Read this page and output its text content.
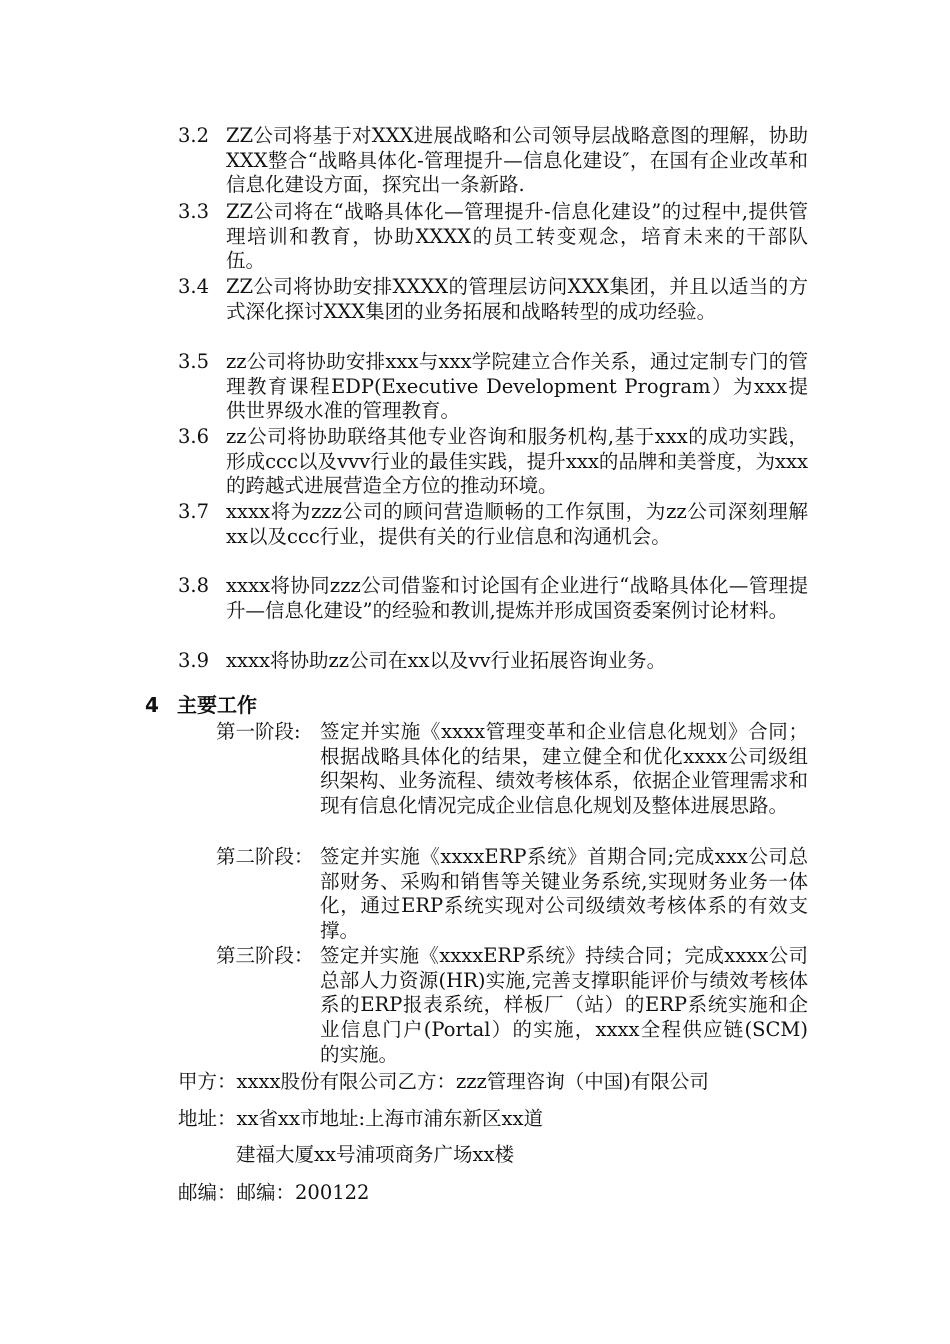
3.2 ZZ公司将基于对XXX进展战略和公司领导层战略意图的理解，协助XXX整合“战略具体化-管理提升—信息化建设″，在国有企业改革和信息化建设方面，探究出一条新路.
3.3 ZZ公司将在“战略具体化—管理提升-信息化建设”的过程中,提供管理培训和教育，协助XXXX的员工转变观念，培育未来的干部队伍。
3.4 ZZ公司将协助安排XXXX的管理层访问XXX集团，并且以适当的方式深化探讨XXX集团的业务拓展和战略转型的成功经验。
3.5 zz公司将协助安排xxx与xxx学院建立合作关系，通过定制专门的管理教育课程EDP(Executive Development Program）为xxx提供世界级水准的管理教育。
3.6 zz公司将协助联络其他专业咨询和服务机构,基于xxx的成功实践，形成ccc以及vvv行业的最佳实践，提升xxx的品牌和美誉度，为xxx的跨越式进展营造全方位的推动环境。
3.7 xxxx将为zzz公司的顾问营造顺畅的工作氛围，为zz公司深刻理解xx以及ccc行业，提供有关的行业信息和沟通机会。
3.8 xxxx将协同zzz公司借鉴和讨论国有企业进行“战略具体化—管理提升—信息化建设”的经验和教训,提炼并形成国资委案例讨论材料。
3.9 xxxx将协助zz公司在xx以及vv行业拓展咨询业务。
4 主要工作
第一阶段: 签定并实施《xxxx管理变革和企业信息化规划》合同；根据战略具体化的结果，建立健全和优化xxxx公司级组织架构、业务流程、绩效考核体系，依据企业管理需求和现有信息化情况完成企业信息化规划及整体进展思路。
第二阶段： 签定并实施《xxxxERP系统》首期合同;完成xxx公司总部财务、采购和销售等关键业务系统,实现财务业务一体化，通过ERP系统实现对公司级绩效考核体系的有效支撑。
第三阶段： 签定并实施《xxxxERP系统》持续合同；完成xxxx公司总部人力资源(HR)实施,完善支撑职能评价与绩效考核体系的ERP报表系统，样板厂（站）的ERP系统实施和企业信息门户(Portal）的实施，xxxx全程供应链(SCM) 的实施。
甲方：xxxx股份有限公司乙方：zzz管理咨询（中国)有限公司
地址：xx省xx市地址:上海市浦东新区xx道
建福大厦xx号浦项商务广场xx楼
邮编：邮编：200122
